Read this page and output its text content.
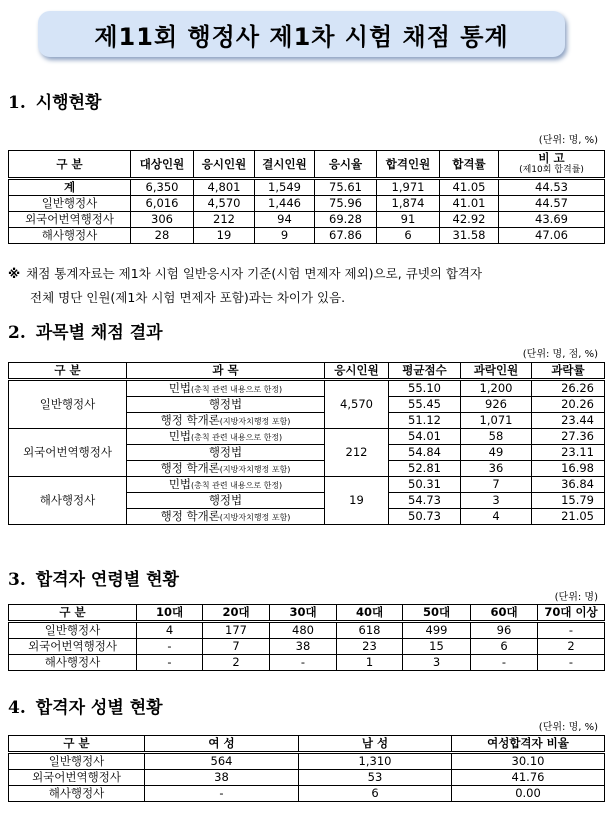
제11회 행정사 제1차 시험 채점 통계
1. 시행현황
(단위: 명, %)
구 분	대상인원	응시인원	결시인원	응시율	합격인원	합격률	비 고
(제10회 합격률)

계	6,350	4,801	1,549	75.61	1,971	41.05	44.53
일반행정사	6,016	4,570	1,446	75.96	1,874	41.01	44.57
외국어번역행정사	306	212	94	69.28	91	42.92	43.69
해사행정사	28	19	9	67.86	6	31.58	47.06
※ 채점 통계자료는 제1차 시험 일반응시자 기준(시험 면제자 제외)으로, 큐넷의 합격자
전체 명단 인원(제1차 시험 면제자 포함)과는 차이가 있음.
2. 과목별 채점 결과
(단위: 명, 점, %)
구 분	과 목	응시인원	평균점수	과락인원	과락률
일반행정사	민법(총칙 관련 내용으로 한정)	4,570	55.10	1,200	26.26
	행정법		55.45	926	20.26
	행정 학개론(지방자치행정 포함)		51.12	1,071	23.44
외국어번역행정사	민법(총칙 관련 내용으로 한정)	212	54.01	58	27.36
	행정법		54.84	49	23.11
	행정 학개론(지방자치행정 포함)		52.81	36	16.98
해사행정사	민법(총칙 관련 내용으로 한정)	19	50.31	7	36.84
	행정법		54.73	3	15.79
	행정 학개론(지방자치행정 포함)		50.73	4	21.05
3. 합격자 연령별 현황
(단위: 명)
구 분	10대	20대	30대	40대	50대	60대	70대 이상
일반행정사	4	177	480	618	499	96	-
외국어번역행정사	-	7	38	23	15	6	2
해사행정사	-	2	-	1	3	-	-
4. 합격자 성별 현황
(단위: 명, %)
구 분	여 성	남 성	여성합격자 비율
일반행정사	564	1,310	30.10
외국어번역행정사	38	53	41.76
해사행정사	-	6	0.00
